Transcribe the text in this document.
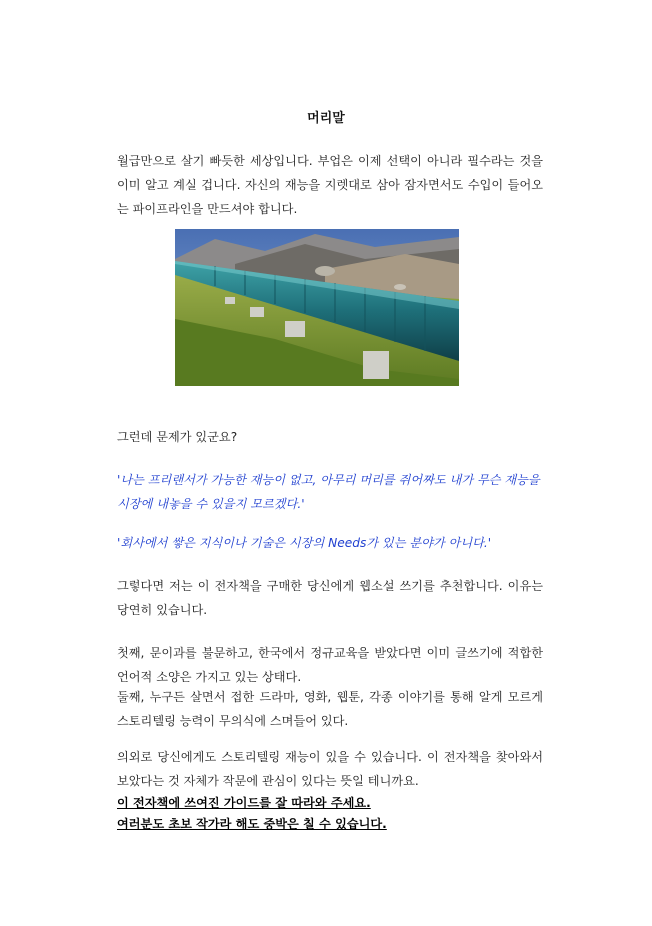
머리말
월급만으로 살기 빠듯한 세상입니다. 부업은 이제 선택이 아니라 필수라는 것을 이미 알고 계실 겁니다. 자신의 재능을 지렛대로 삼아 잠자면서도 수입이 들어오는 파이프라인을 만드셔야 합니다.
그런데 문제가 있군요?
'나는 프리랜서가 가능한 재능이 없고, 아무리 머리를 쥐어짜도 내가 무슨 재능을 시장에 내놓을 수 있을지 모르겠다.'
'회사에서 쌓은 지식이나 기술은 시장의 Needs가 있는 분야가 아니다.'
그렇다면 저는 이 전자책을 구매한 당신에게 웹소설 쓰기를 추천합니다. 이유는 당연히 있습니다.
첫째, 문이과를 불문하고, 한국에서 정규교육을 받았다면 이미 글쓰기에 적합한 언어적 소양은 가지고 있는 상태다.
둘째, 누구든 살면서 접한 드라마, 영화, 웹툰, 각종 이야기를 통해 알게 모르게 스토리텔링 능력이 무의식에 스며들어 있다.
의외로 당신에게도 스토리텔링 재능이 있을 수 있습니다. 이 전자책을 찾아와서 보았다는 것 자체가 작문에 관심이 있다는 뜻일 테니까요.
이 전자책에 쓰여진 가이드를 잘 따라와 주세요.
여러분도 초보 작가라 해도 중박은 칠 수 있습니다.
